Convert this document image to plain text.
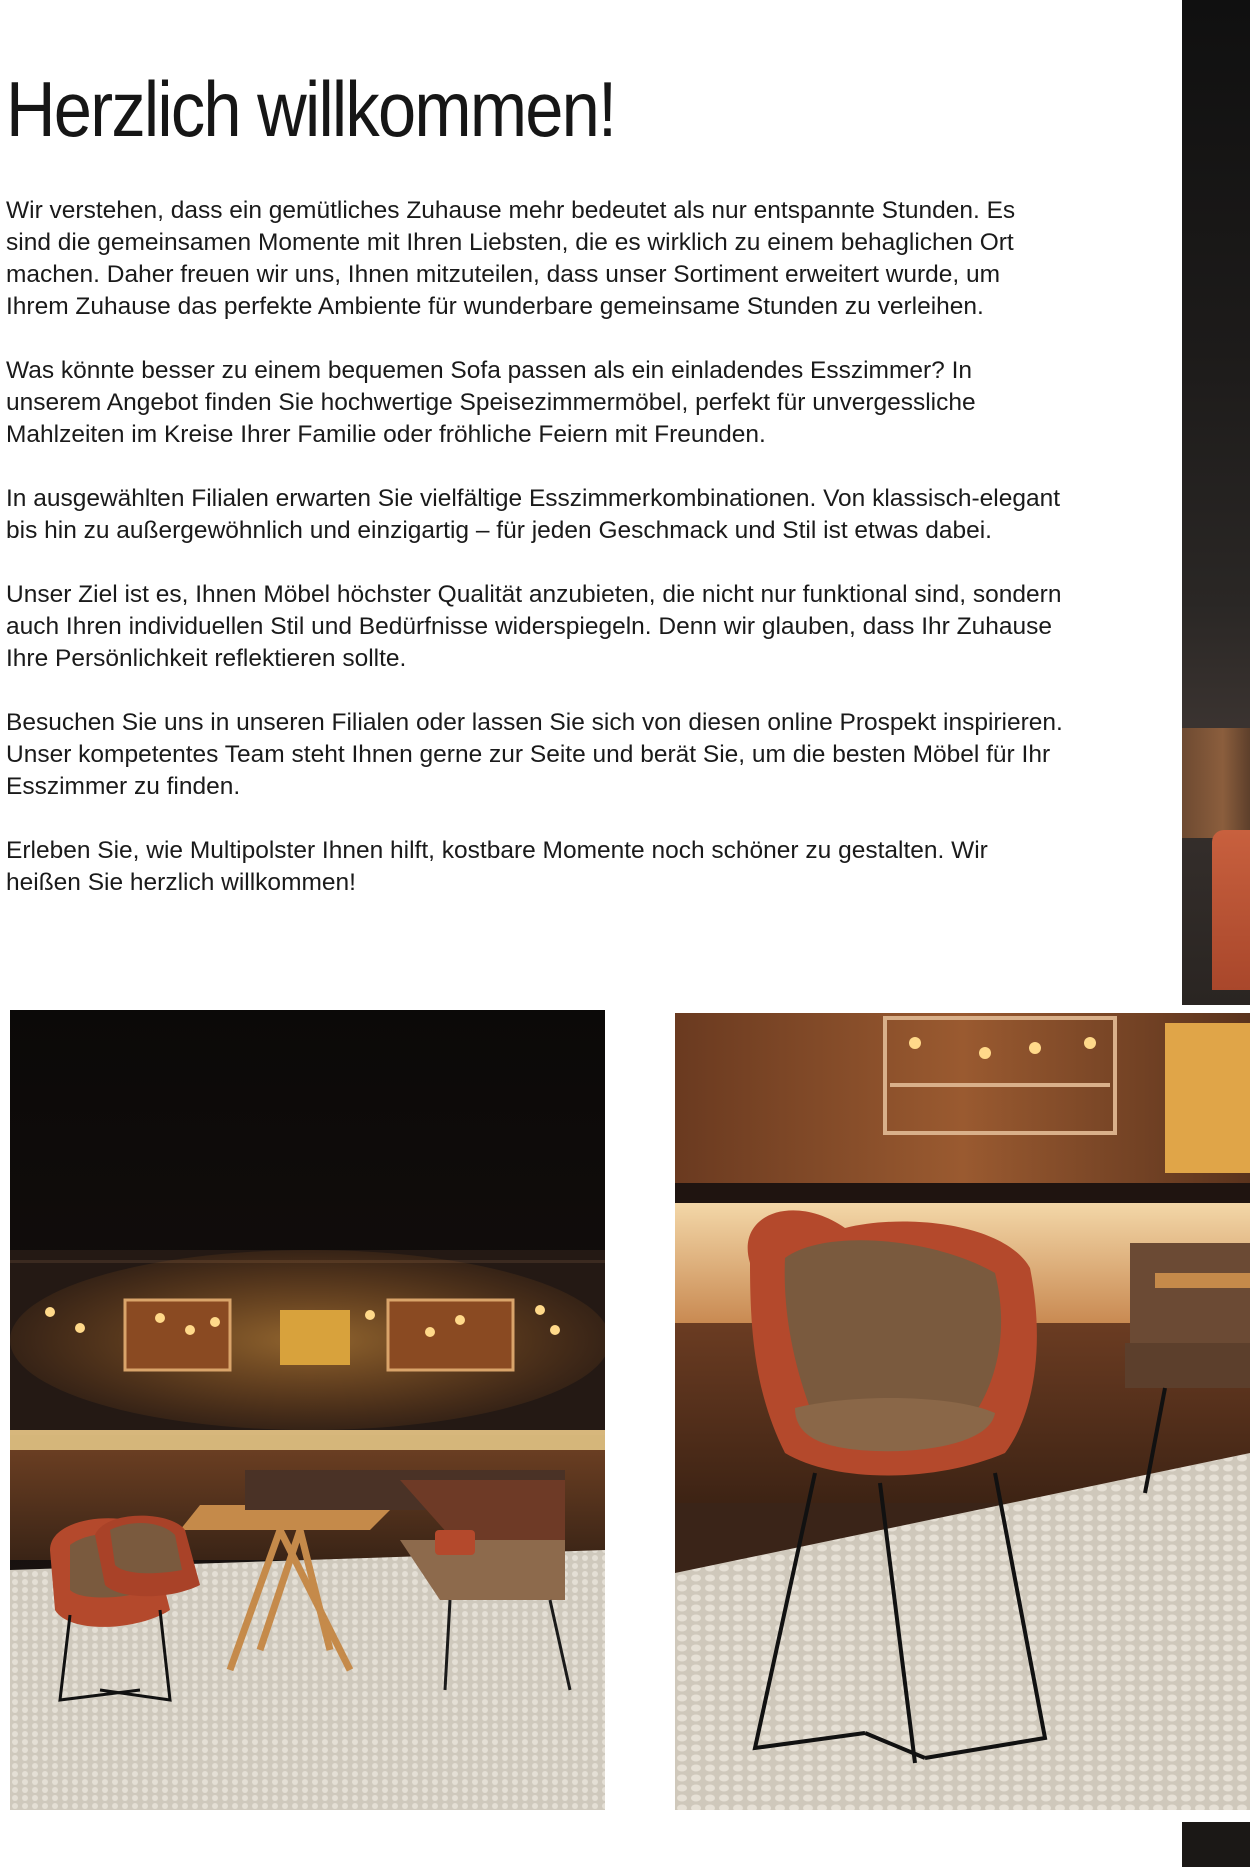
Herzlich willkommen!

Wir verstehen, dass ein gemütliches Zuhause mehr bedeutet als nur entspannte Stunden. Es sind die gemeinsamen Momente mit Ihren Liebsten, die es wirklich zu einem behaglichen Ort machen. Daher freuen wir uns, Ihnen mitzuteilen, dass unser Sortiment erweitert wurde, um Ihrem Zuhause das perfekte Ambiente für wunderbare gemeinsame Stunden zu verleihen.

Was könnte besser zu einem bequemen Sofa passen als ein einladendes Esszimmer? In unserem Angebot finden Sie hochwertige Speisezimmermöbel, perfekt für unvergessliche Mahlzeiten im Kreise Ihrer Familie oder fröhliche Feiern mit Freunden.

In ausgewählten Filialen erwarten Sie vielfältige Esszimmerkombinationen. Von klassisch-elegant bis hin zu außergewöhnlich und einzigartig – für jeden Geschmack und Stil ist etwas dabei.

Unser Ziel ist es, Ihnen Möbel höchster Qualität anzubieten, die nicht nur funktional sind, sondern auch Ihren individuellen Stil und Bedürfnisse widerspiegeln. Denn wir glauben, dass Ihr Zuhause Ihre Persönlichkeit reflektieren sollte.

Besuchen Sie uns in unseren Filialen oder lassen Sie sich von diesen online Prospekt inspirieren. Unser kompetentes Team steht Ihnen gerne zur Seite und berät Sie, um die besten Möbel für Ihr Esszimmer zu finden.

Erleben Sie, wie Multipolster Ihnen hilft, kostbare Momente noch schöner zu gestalten. Wir heißen Sie herzlich willkommen!
